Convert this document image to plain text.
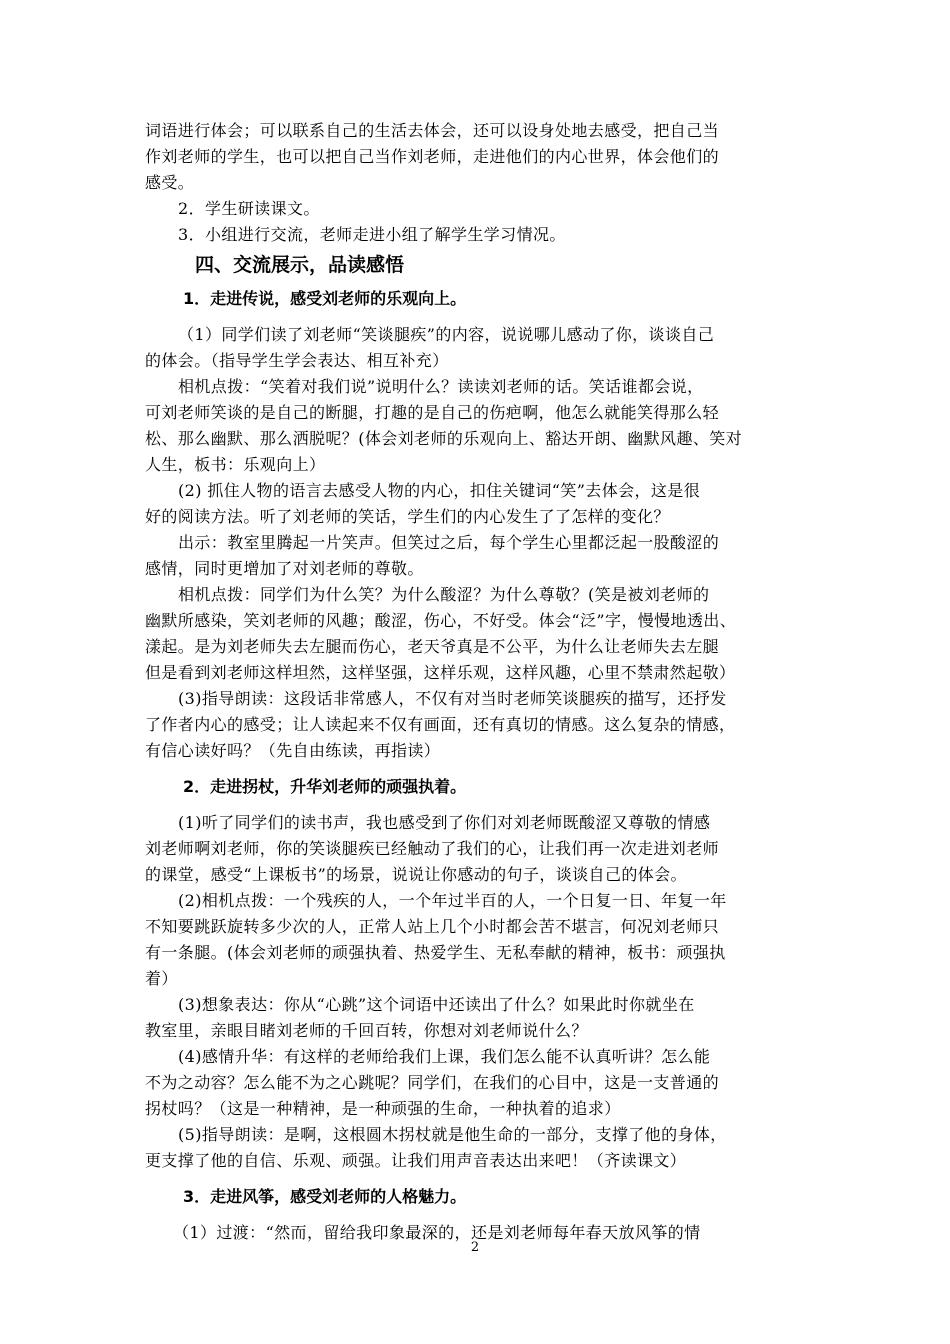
词语进行体会；可以联系自己的生活去体会，还可以设身处地去感受，把自己当
作刘老师的学生，也可以把自己当作刘老师，走进他们的内心世界，体会他们的
感受。
2．学生研读课文。
3．小组进行交流，老师走进小组了解学生学习情况。
四、交流展示，品读感悟
1．走进传说，感受刘老师的乐观向上。
（1）同学们读了刘老师“笑谈腿疾”的内容，说说哪儿感动了你，谈谈自己
的体会。（指导学生学会表达、相互补充）
相机点拨：“笑着对我们说”说明什么？读读刘老师的话。笑话谁都会说，
可刘老师笑谈的是自己的断腿，打趣的是自己的伤疤啊，他怎么就能笑得那么轻
松、那么幽默、那么洒脱呢？(体会刘老师的乐观向上、豁达开朗、幽默风趣、笑对
人生，板书：乐观向上）
(2) 抓住人物的语言去感受人物的内心，扣住关键词“笑”去体会，这是很
好的阅读方法。听了刘老师的笑话，学生们的内心发生了了怎样的变化？
出示：教室里腾起一片笑声。但笑过之后，每个学生心里都泛起一股酸涩的
感情，同时更增加了对刘老师的尊敬。
相机点拨：同学们为什么笑？为什么酸涩？为什么尊敬？(笑是被刘老师的
幽默所感染，笑刘老师的风趣；酸涩，伤心，不好受。体会“泛”字，慢慢地透出、
漾起。是为刘老师失去左腿而伤心，老天爷真是不公平，为什么让老师失去左腿
但是看到刘老师这样坦然，这样坚强，这样乐观，这样风趣，心里不禁肃然起敬）
(3)指导朗读：这段话非常感人，不仅有对当时老师笑谈腿疾的描写，还抒发
了作者内心的感受；让人读起来不仅有画面，还有真切的情感。这么复杂的情感，
有信心读好吗？（先自由练读，再指读）
2．走进拐杖，升华刘老师的顽强执着。
(1)听了同学们的读书声，我也感受到了你们对刘老师既酸涩又尊敬的情感
刘老师啊刘老师，你的笑谈腿疾已经触动了我们的心，让我们再一次走进刘老师
的课堂，感受“上课板书”的场景，说说让你感动的句子，谈谈自己的体会。
(2)相机点拨：一个残疾的人，一个年过半百的人，一个日复一日、年复一年
不知要跳跃旋转多少次的人，正常人站上几个小时都会苦不堪言，何况刘老师只
有一条腿。(体会刘老师的顽强执着、热爱学生、无私奉献的精神，板书：顽强执
着）
(3)想象表达：你从“心跳”这个词语中还读出了什么？如果此时你就坐在
教室里，亲眼目睹刘老师的千回百转，你想对刘老师说什么？
(4)感情升华：有这样的老师给我们上课，我们怎么能不认真听讲？怎么能
不为之动容？怎么能不为之心跳呢？同学们，在我们的心目中，这是一支普通的
拐杖吗？（这是一种精神，是一种顽强的生命，一种执着的追求）
(5)指导朗读：是啊，这根圆木拐杖就是他生命的一部分，支撑了他的身体，
更支撑了他的自信、乐观、顽强。让我们用声音表达出来吧！（齐读课文）
3．走进风筝，感受刘老师的人格魅力。
（1）过渡：“然而，留给我印象最深的，还是刘老师每年春天放风筝的情
2
